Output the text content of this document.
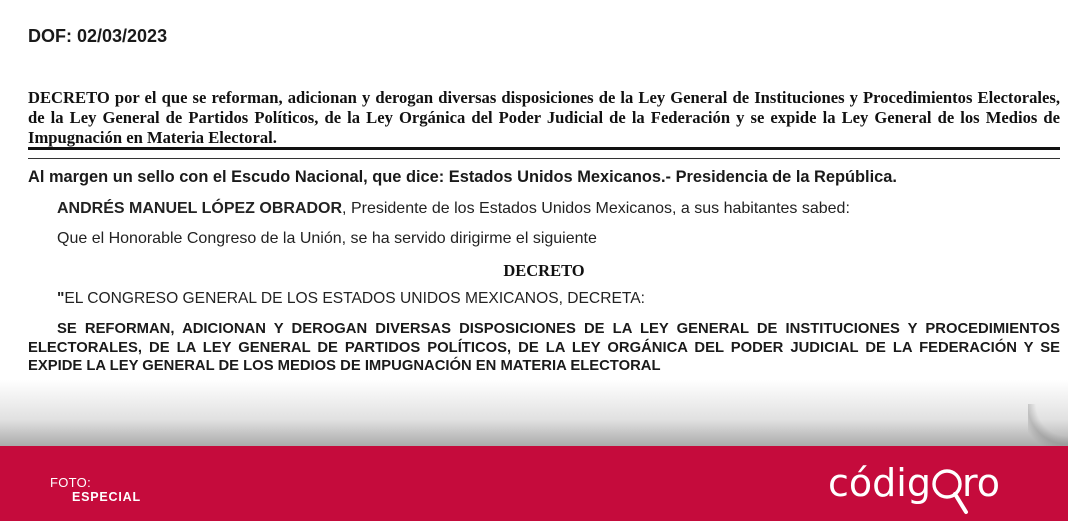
DOF: 02/03/2023
DECRETO por el que se reforman, adicionan y derogan diversas disposiciones de la Ley General de Instituciones y Procedimientos Electorales, de la Ley General de Partidos Políticos, de la Ley Orgánica del Poder Judicial de la Federación y se expide la Ley General de los Medios de Impugnación en Materia Electoral.
Al margen un sello con el Escudo Nacional, que dice: Estados Unidos Mexicanos.- Presidencia de la República.
ANDRÉS MANUEL LÓPEZ OBRADOR, Presidente de los Estados Unidos Mexicanos, a sus habitantes sabed:
Que el Honorable Congreso de la Unión, se ha servido dirigirme el siguiente
DECRETO
"EL CONGRESO GENERAL DE LOS ESTADOS UNIDOS MEXICANOS, DECRETA:
SE REFORMAN, ADICIONAN Y DEROGAN DIVERSAS DISPOSICIONES DE LA LEY GENERAL DE INSTITUCIONES Y PROCEDIMIENTOS ELECTORALES, DE LA LEY GENERAL DE PARTIDOS POLÍTICOS, DE LA LEY ORGÁNICA DEL PODER JUDICIAL DE LA FEDERACIÓN Y SE EXPIDE LA LEY GENERAL DE LOS MEDIOS DE IMPUGNACIÓN EN MATERIA ELECTORAL
FOTO:
ESPECIAL	códig ro
